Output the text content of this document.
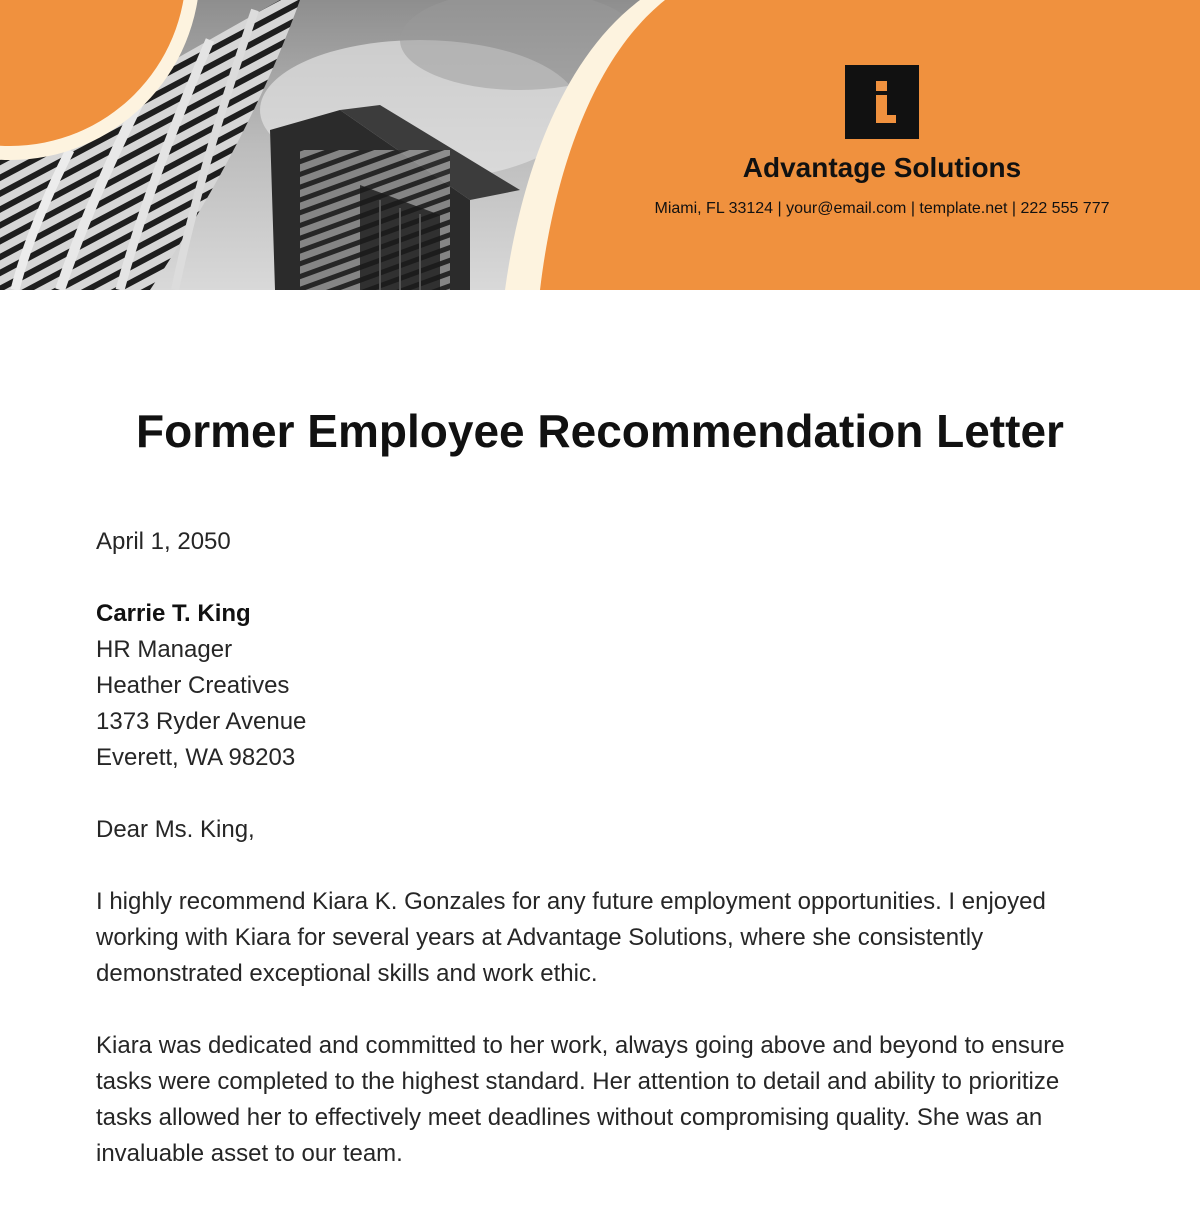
Advantage Solutions
Miami, FL 33124 | your@email.com | template.net | 222 555 777
Former Employee Recommendation Letter

April 1, 2050

Carrie T. King
HR Manager
Heather Creatives
1373 Ryder Avenue
Everett, WA 98203

Dear Ms. King,

I highly recommend Kiara K. Gonzales for any future employment opportunities. I enjoyed working with Kiara for several years at Advantage Solutions, where she consistently demonstrated exceptional skills and work ethic.

Kiara was dedicated and committed to her work, always going above and beyond to ensure tasks were completed to the highest standard. Her attention to detail and ability to prioritize tasks allowed her to effectively meet deadlines without compromising quality. She was an invaluable asset to our team.
